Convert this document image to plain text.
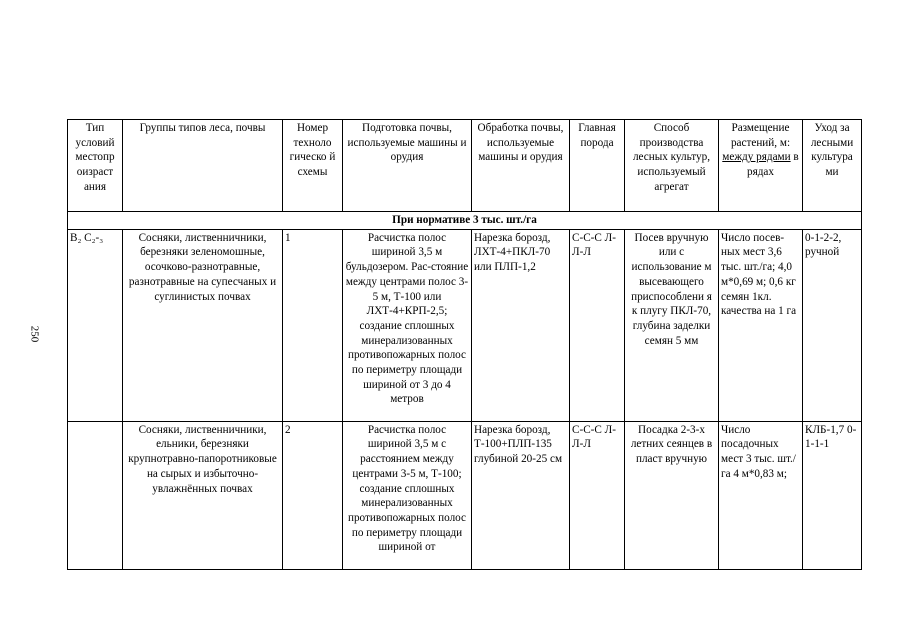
250
Тип условий местопр оизраст ания	Группы типов леса, почвы	Номер техноло гическо й схемы	Подготовка почвы, используемые машины и орудия	Обработка почвы, используемые машины и орудия	Главная порода	Способ производства лесных культур, используемый агрегат	Размещение растений, м: между рядами в рядах	Уход за лесными культура ми
При нормативе 3 тыс. шт./га								
В₂ С₂-₃	Сосняки, лиственничники, березняки зеленомошные, осочково-разнотравные, разнотравные на супесчаных и суглинистых почвах	1	Расчистка полос шириной 3,5 м бульдозером. Рас-стояние между центрами полос 3-5 м, Т-100 или ЛХТ-4+КРП-2,5; создание сплошных минерализованных противопожарных полос по периметру площади шириной от 3 до 4 метров	Нарезка борозд, ЛХТ-4+ПКЛ-70 или ПЛП-1,2	С-С-С Л-Л-Л	Посев вручную или с использование м высевающего приспособлени я к плугу ПКЛ-70, глубина заделки семян 5 мм	Число посев-ных мест 3,6 тыс. шт./га; 4,0 м*0,69 м; 0,6 кг семян 1кл. качества на 1 га	0-1-2-2, ручной
	Сосняки, лиственничники, ельники, березняки крупнотравно-папоротниковые на сырых и избыточно-увлажнённых почвах	2	Расчистка полос шириной 3,5 м с расстоянием между центрами 3-5 м, Т-100; создание сплошных минерализованных противопожарных полос по периметру площади шириной от	Нарезка борозд, Т-100+ПЛП-135 глубиной 20-25 см	С-С-С Л-Л-Л	Посадка 2-3-х летних сеянцев в пласт вручную	Число посадочных мест 3 тыс. шт./га 4 м*0,83 м;	КЛБ-1,7 0-1-1-1
